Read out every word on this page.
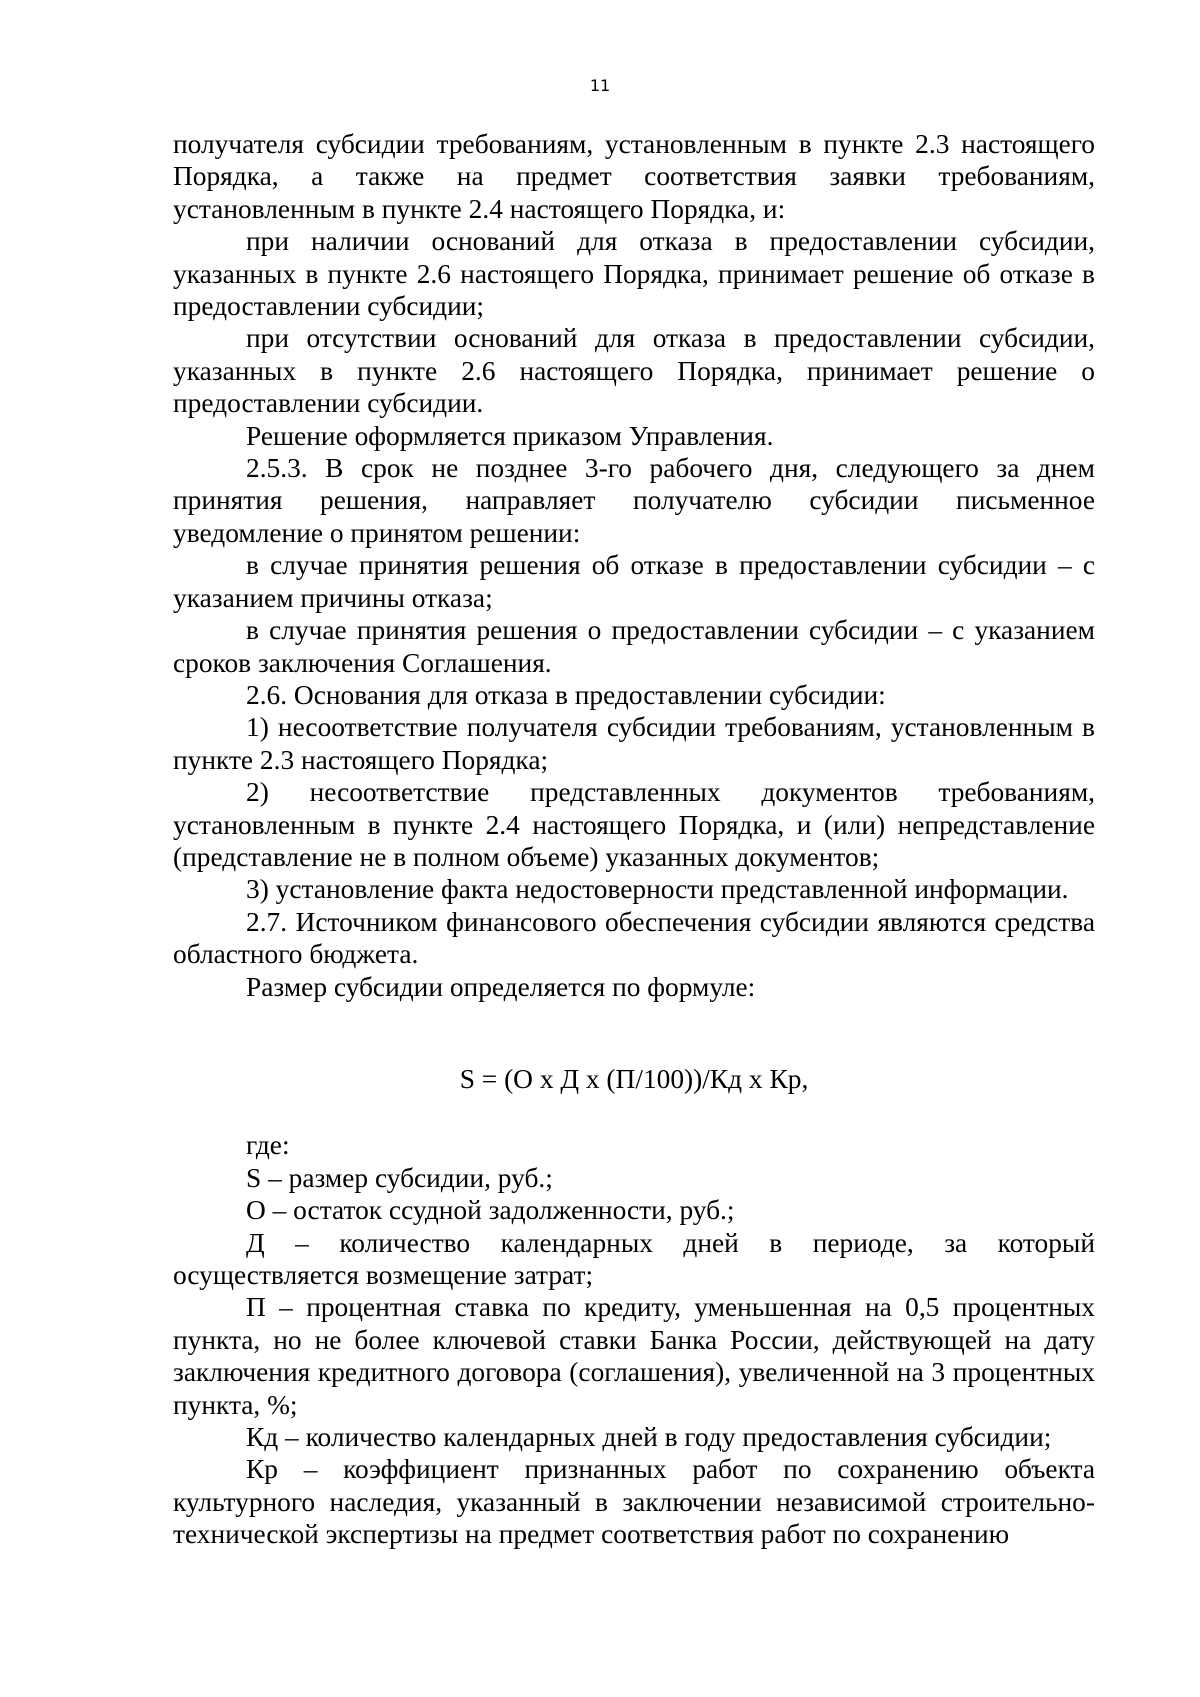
11

получателя субсидии требованиям, установленным в пункте 2.3 настоящего Порядка, а также на предмет соответствия заявки требованиям, установленным в пункте 2.4 настоящего Порядка, и:

при наличии оснований для отказа в предоставлении субсидии, указанных в пункте 2.6 настоящего Порядка, принимает решение об отказе в предоставлении субсидии;

при отсутствии оснований для отказа в предоставлении субсидии, указанных в пункте 2.6 настоящего Порядка, принимает решение о предоставлении субсидии.

Решение оформляется приказом Управления.

2.5.3. В срок не позднее 3-го рабочего дня, следующего за днем принятия решения, направляет получателю субсидии письменное уведомление о принятом решении:

в случае принятия решения об отказе в предоставлении субсидии – с указанием причины отказа;

в случае принятия решения о предоставлении субсидии – с указанием сроков заключения Соглашения.

2.6. Основания для отказа в предоставлении субсидии:

1) несоответствие получателя субсидии требованиям, установленным в пункте 2.3 настоящего Порядка;

2) несоответствие представленных документов требованиям, установленным в пункте 2.4 настоящего Порядка, и (или) непредставление (представление не в полном объеме) указанных документов;

3) установление факта недостоверности представленной информации.

2.7. Источником финансового обеспечения субсидии являются средства областного бюджета.

Размер субсидии определяется по формуле:

S = (О х Д х (П/100))/Кд х Кр,

где:

S – размер субсидии, руб.;

О – остаток ссудной задолженности, руб.;

Д – количество календарных дней в периоде, за который осуществляется возмещение затрат;

П – процентная ставка по кредиту, уменьшенная на 0,5 процентных пункта, но не более ключевой ставки Банка России, действующей на дату заключения кредитного договора (соглашения), увеличенной на 3 процентных пункта, %;

Кд – количество календарных дней в году предоставления субсидии;

Кр – коэффициент признанных работ по сохранению объекта культурного наследия, указанный в заключении независимой строительно-технической экспертизы на предмет соответствия работ по сохранению
